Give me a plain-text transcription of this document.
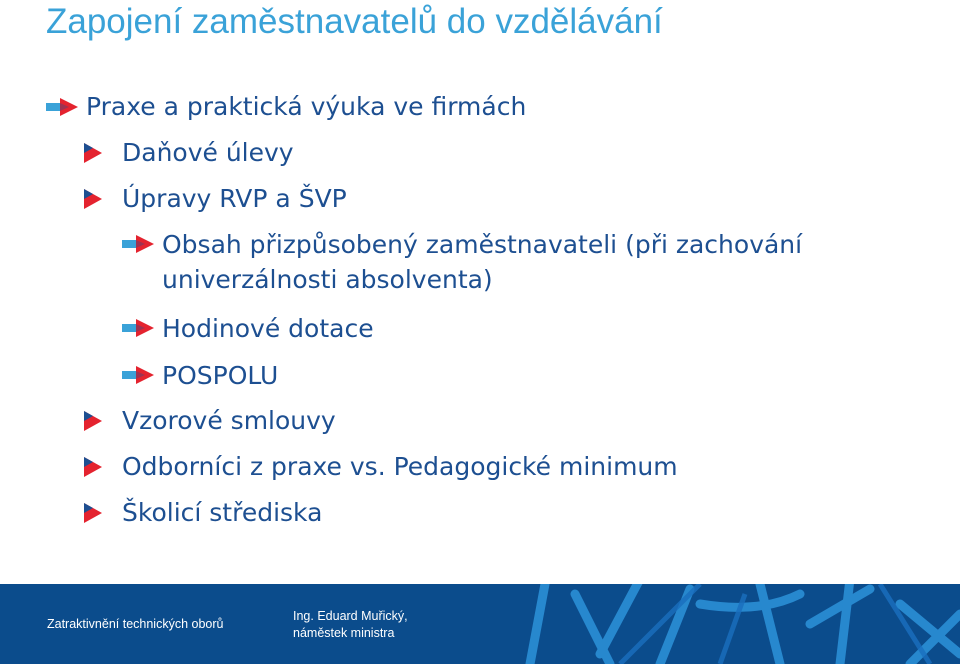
Zapojení zaměstnavatelů do vzdělávání
Praxe a praktická výuka ve firmách
Daňové úlevy
Úpravy RVP a ŠVP
Obsah přizpůsobený zaměstnavateli (při zachování univerzálnosti absolventa)
Hodinové dotace
POSPOLU
Vzorové smlouvy
Odborníci z praxe vs. Pedagogické minimum
Školicí střediska
Zatraktivnění technických oborů
Ing. Eduard Muřický,
náměstek ministra
